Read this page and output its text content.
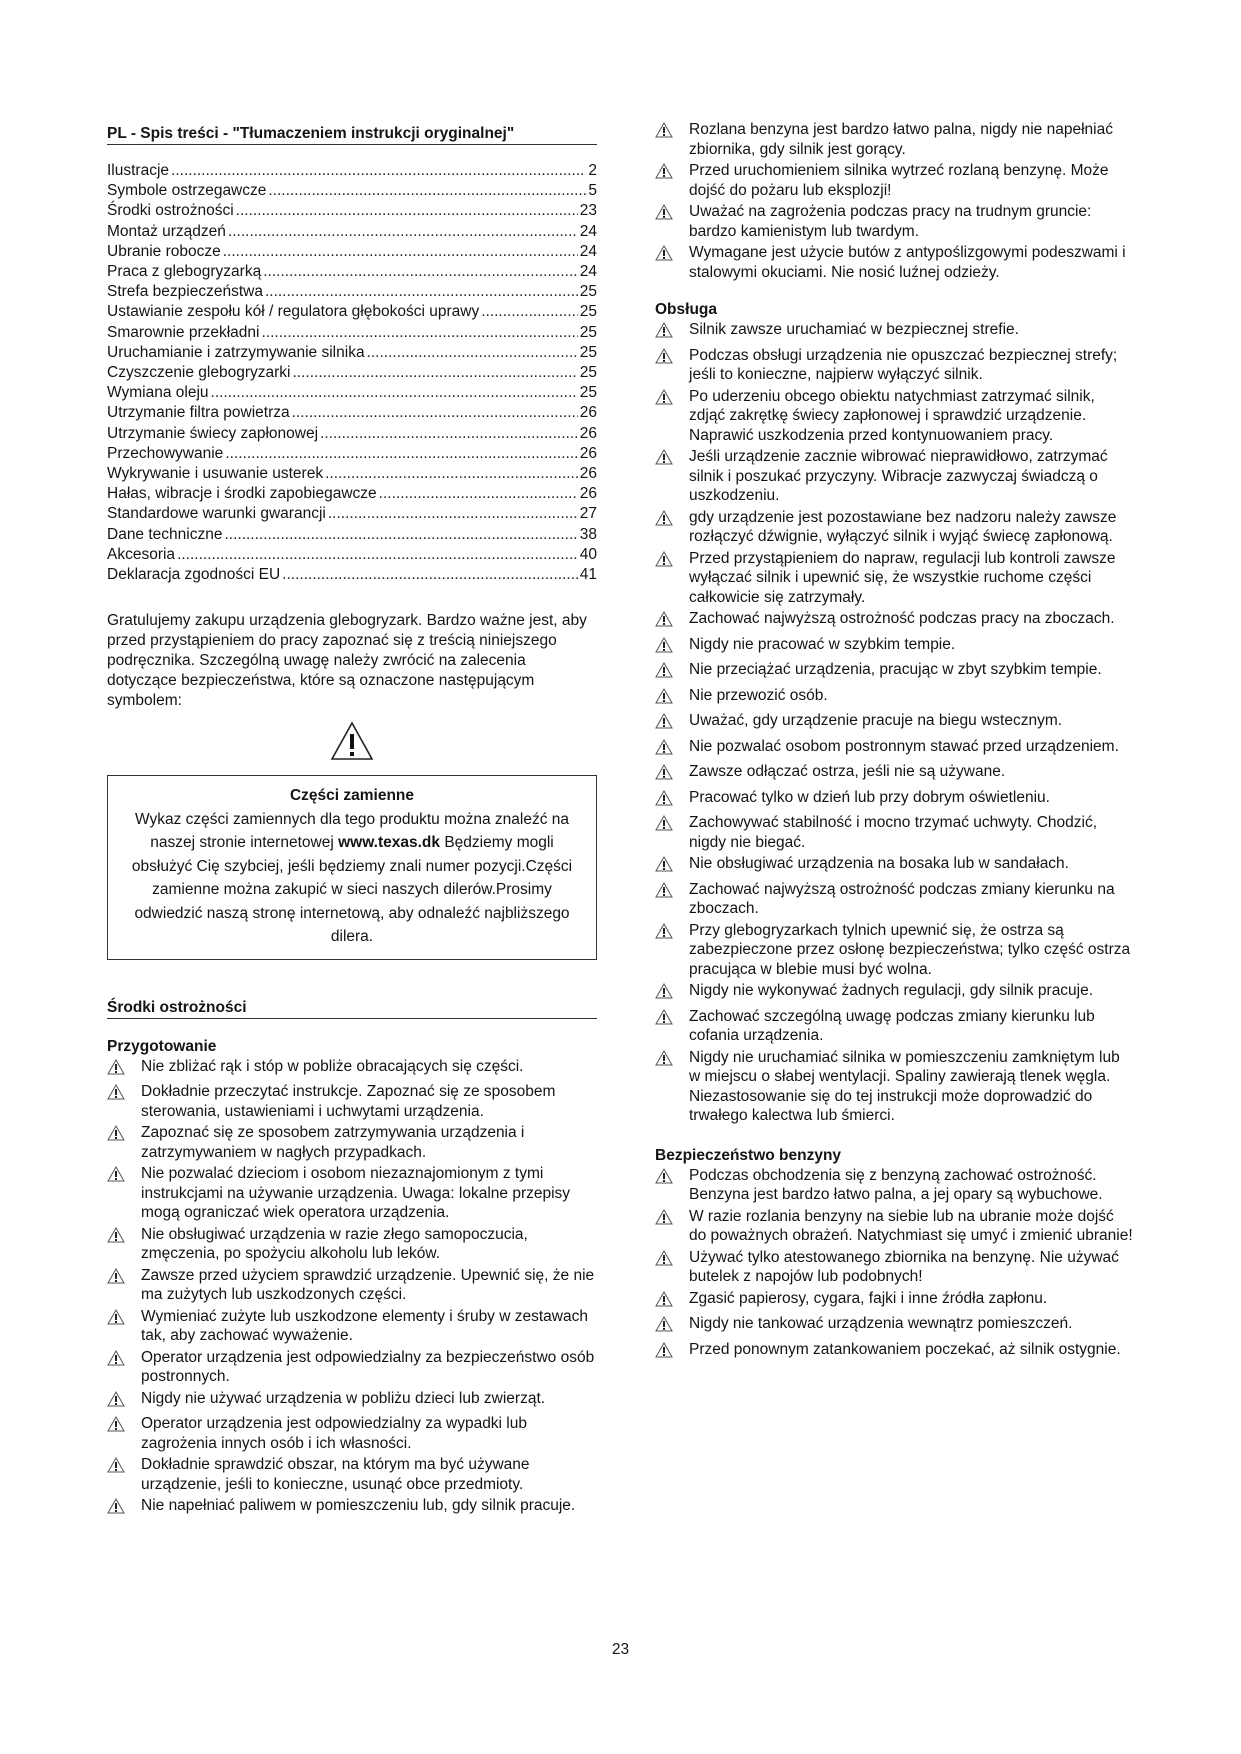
PL - Spis treści - "Tłumaczeniem instrukcji oryginalnej"
Ilustracje .....	2
Symbole ostrzegawcze .....	5
Środki ostrożności .....	23
Montaż urządzeń .....	24
Ubranie robocze .....	24
Praca z glebogryzarką .....	24
Strefa bezpieczeństwa .....	25
Ustawianie zespołu kół / regulatora głębokości uprawy .....	25
Smarownie przekładni .....	25
Uruchamianie i zatrzymywanie silnika .....	25
Czyszczenie glebogryzarki .....	25
Wymiana oleju .....	25
Utrzymanie filtra powietrza .....	26
Utrzymanie świecy zapłonowej .....	26
Przechowywanie .....	26
Wykrywanie i usuwanie usterek .....	26
Hałas, wibracje i środki zapobiegawcze .....	26
Standardowe warunki gwarancji .....	27
Dane techniczne .....	38
Akcesoria .....	40
Deklaracja zgodności EU .....	41
Gratulujemy zakupu urządzenia glebogryzark. Bardzo ważne jest, aby przed przystąpieniem do pracy zapoznać się z treścią niniejszego podręcznika. Szczególną uwagę należy zwrócić na zalecenia dotyczące bezpieczeństwa, które są oznaczone następującym symbolem:
Części zamienne
Wykaz części zamiennych dla tego produktu można znaleźć na naszej stronie internetowej www.texas.dk Będziemy mogli obsłużyć Cię szybciej, jeśli będziemy znali numer pozycji.Części zamienne można zakupić w sieci naszych dilerów.Prosimy odwiedzić naszą stronę internetową, aby odnaleźć najbliższego dilera.
Środki ostrożności
Przygotowanie
Nie zbliżać rąk i stóp w pobliże obracających się części.
Dokładnie przeczytać instrukcje. Zapoznać się ze sposobem sterowania, ustawieniami i uchwytami urządzenia.
Zapoznać się ze sposobem zatrzymywania urządzenia i zatrzymywaniem w nagłych przypadkach.
Nie pozwalać dzieciom i osobom niezaznajomionym z tymi instrukcjami na używanie urządzenia. Uwaga: lokalne przepisy mogą ograniczać wiek operatora urządzenia.
Nie obsługiwać urządzenia w razie złego samopoczucia, zmęczenia, po spożyciu alkoholu lub leków.
Zawsze przed użyciem sprawdzić urządzenie. Upewnić się, że nie ma zużytych lub uszkodzonych części.
Wymieniać zużyte lub uszkodzone elementy i śruby w zestawach tak, aby zachować wyważenie.
Operator urządzenia jest odpowiedzialny za bezpieczeństwo osób postronnych.
Nigdy nie używać urządzenia w pobliżu dzieci lub zwierząt.
Operator urządzenia jest odpowiedzialny za wypadki lub zagrożenia innych osób i ich własności.
Dokładnie sprawdzić obszar, na którym ma być używane urządzenie, jeśli to konieczne, usunąć obce przedmioty.
Nie napełniać paliwem w pomieszczeniu lub, gdy silnik pracuje.
Rozlana benzyna jest bardzo łatwo palna, nigdy nie napełniać zbiornika, gdy silnik jest gorący.
Przed uruchomieniem silnika wytrzeć rozlaną benzynę. Może dojść do pożaru lub eksplozji!
Uważać na zagrożenia podczas pracy na trudnym gruncie: bardzo kamienistym lub twardym.
Wymagane jest użycie butów z antypoślizgowymi podeszwami i stalowymi okuciami. Nie nosić luźnej odzieży.
Obsługa
Silnik zawsze uruchamiać w bezpiecznej strefie.
Podczas obsługi urządzenia nie opuszczać bezpiecznej strefy; jeśli to konieczne, najpierw wyłączyć silnik.
Po uderzeniu obcego obiektu natychmiast zatrzymać silnik, zdjąć zakrętkę świecy zapłonowej i sprawdzić urządzenie. Naprawić uszkodzenia przed kontynuowaniem pracy.
Jeśli urządzenie zacznie wibrować nieprawidłowo, zatrzymać silnik i poszukać przyczyny. Wibracje zazwyczaj świadczą o uszkodzeniu.
gdy urządzenie jest pozostawiane bez nadzoru należy zawsze rozłączyć dźwignie, wyłączyć silnik i wyjąć świecę zapłonową.
Przed przystąpieniem do napraw, regulacji lub kontroli zawsze wyłączać silnik i upewnić się, że wszystkie ruchome części całkowicie się zatrzymały.
Zachować najwyższą ostrożność podczas pracy na zboczach.
Nigdy nie pracować w szybkim tempie.
Nie przeciążać urządzenia, pracując w zbyt szybkim tempie.
Nie przewozić osób.
Uważać, gdy urządzenie pracuje na biegu wstecznym.
Nie pozwalać osobom postronnym stawać przed urządzeniem.
Zawsze odłączać ostrza, jeśli nie są używane.
Pracować tylko w dzień lub przy dobrym oświetleniu.
Zachowywać stabilność i mocno trzymać uchwyty. Chodzić, nigdy nie biegać.
Nie obsługiwać urządzenia na bosaka lub w sandałach.
Zachować najwyższą ostrożność podczas zmiany kierunku na zboczach.
Przy glebogryzarkach tylnich upewnić się, że ostrza są zabezpieczone przez osłonę bezpieczeństwa; tylko część ostrza pracująca w blebie musi być wolna.
Nigdy nie wykonywać żadnych regulacji, gdy silnik pracuje.
Zachować szczególną uwagę podczas zmiany kierunku lub cofania urządzenia.
Nigdy nie uruchamiać silnika w pomieszczeniu zamkniętym lub w miejscu o słabej wentylacji. Spaliny zawierają tlenek węgla. Niezastosowanie się do tej instrukcji może doprowadzić do trwałego kalectwa lub śmierci.
Bezpieczeństwo benzyny
Podczas obchodzenia się z benzyną zachować ostrożność. Benzyna jest bardzo łatwo palna, a jej opary są wybuchowe.
W razie rozlania benzyny na siebie lub na ubranie może dojść do poważnych obrażeń. Natychmiast się umyć i zmienić ubranie!
Używać tylko atestowanego zbiornika na benzynę. Nie używać butelek z napojów lub podobnych!
Zgasić papierosy, cygara, fajki i inne źródła zapłonu.
Nigdy nie tankować urządzenia wewnątrz pomieszczeń.
Przed ponownym zatankowaniem poczekać, aż silnik ostygnie.
23
